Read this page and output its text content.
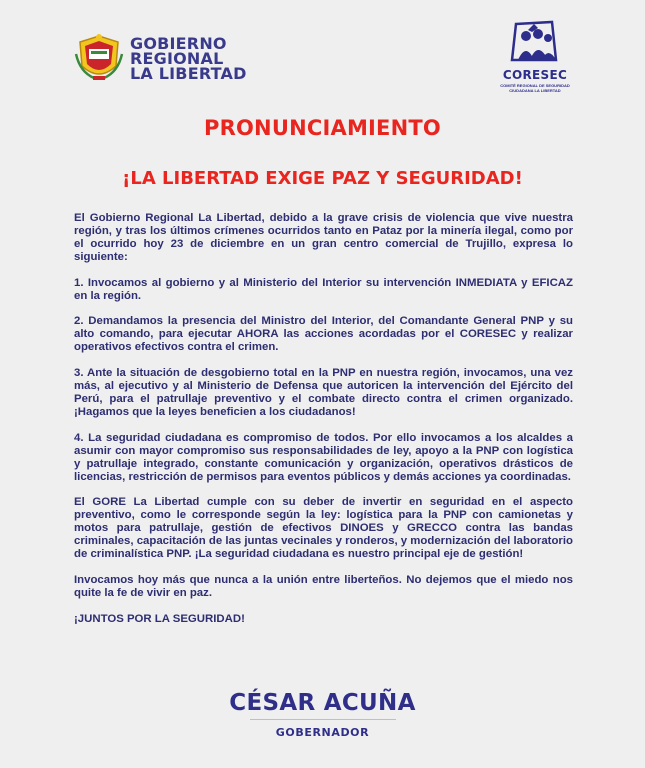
GOBIERNO
REGIONAL
LA LIBERTAD	CORESEC
COMITÉ REGIONAL DE SEGURIDAD CIUDADANA LA LIBERTAD
PRONUNCIAMIENTO
¡LA LIBERTAD EXIGE PAZ Y SEGURIDAD!

El Gobierno Regional La Libertad, debido a la grave crisis de violencia que vive nuestra región, y tras los últimos crímenes ocurridos tanto en Pataz por la minería ilegal, como por el ocurrido hoy 23 de diciembre en un gran centro comercial de Trujillo, expresa lo siguiente:

1. Invocamos al gobierno y al Ministerio del Interior su intervención INMEDIATA y EFICAZ en la región.

2. Demandamos la presencia del Ministro del Interior, del Comandante General PNP y su alto comando, para ejecutar AHORA las acciones acordadas por el CORESEC y realizar operativos efectivos contra el crimen.

3. Ante la situación de desgobierno total en la PNP en nuestra región, invocamos, una vez más, al ejecutivo y al Ministerio de Defensa que autoricen la intervención del Ejército del Perú, para el patrullaje preventivo y el combate directo contra el crimen organizado. ¡Hagamos que la leyes beneficien a los ciudadanos!

4. La seguridad ciudadana es compromiso de todos. Por ello invocamos a los alcaldes a asumir con mayor compromiso sus responsabilidades de ley, apoyo a la PNP con logística y patrullaje integrado, constante comunicación y organización, operativos drásticos de licencias, restricción de permisos para eventos públicos y demás acciones ya coordinadas.

El GORE La Libertad cumple con su deber de invertir en seguridad en el aspecto preventivo, como le corresponde según la ley: logística para la PNP con camionetas y motos para patrullaje, gestión de efectivos DINOES y GRECCO contra las bandas criminales, capacitación de las juntas vecinales y ronderos, y modernización del laboratorio de criminalística PNP. ¡La seguridad ciudadana es nuestro principal eje de gestión!

Invocamos hoy más que nunca a la unión entre liberteños. No dejemos que el miedo nos quite la fe de vivir en paz.

¡JUNTOS POR LA SEGURIDAD!

CÉSAR ACUÑA
GOBERNADOR
